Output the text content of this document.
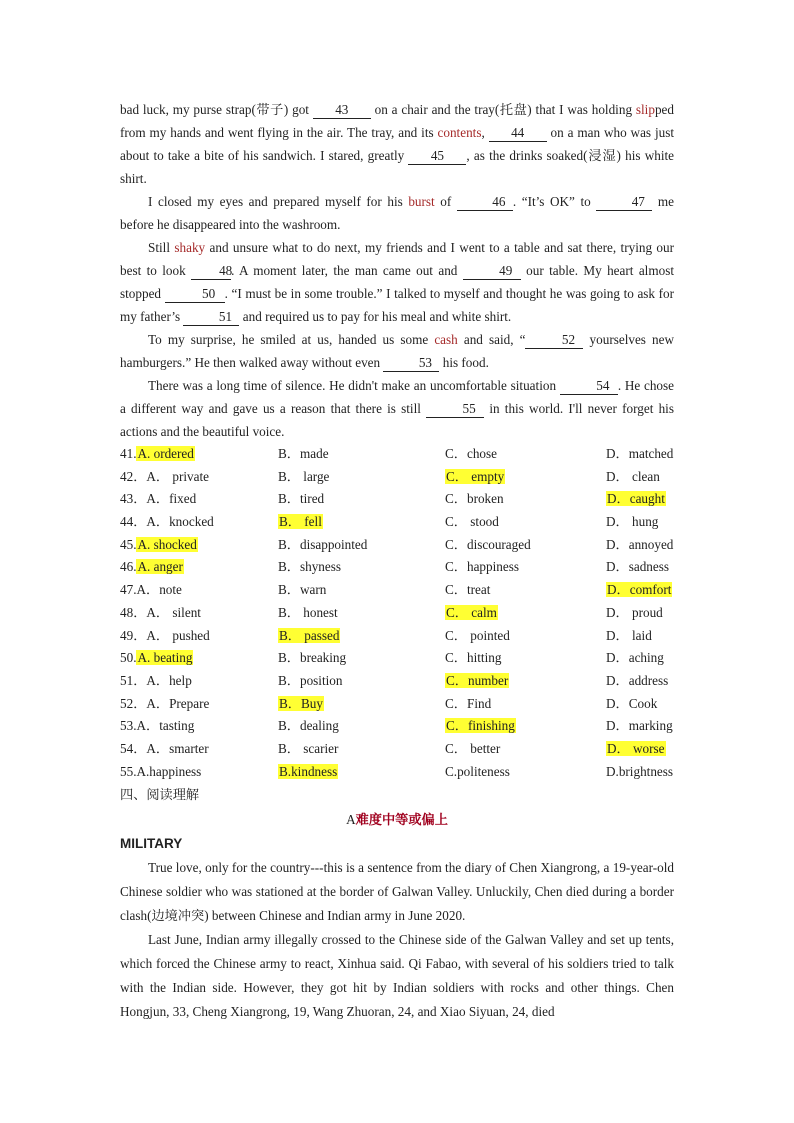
bad luck, my purse strap(带子) got 43 on a chair and the tray(托盘) that I was holding slipped from my hands and went flying in the air. The tray, and its contents, 44 on a man who was just about to take a bite of his sandwich. I stared, greatly 45 , as the drinks soaked(浸湿) his white shirt.

I closed my eyes and prepared myself for his burst of	46 . “It’s OK” to	47 me before he disappeared into the washroom.

Still shaky and unsure what to do next, my friends and I went to a table and sat there, trying our best to look 48. A moment later, the man came out and	49 our table. My heart almost stopped	50 . “I must be in some trouble.” I talked to myself and thought he was going to ask for my father’s	51 and required us to pay for his meal and white shirt.

To my surprise, he smiled at us, handed us some cash and said, “	52 yourselves new hamburgers.” He then walked away without even	53 his food.

There was a long time of silence. He didn't make an uncomfortable situation	54 . He chose a different way and gave us a reason that there is still	55 in this world. I'll never forget his actions and the beautiful voice.

41.A. ordered	B．made	C．chose	D．matched
42．A． private	B． large	C． empty	D． clean
43．A．fixed	B．tired	C．broken	D．caught
44．A．knocked	B． fell	C． stood	D． hung
45.A. shocked	B．disappointed	C．discouraged	D．annoyed
46.A. anger	B．shyness	C．happiness	D．sadness
47.A．note	B．warn	C．treat	D．comfort
48．A． silent	B． honest	C． calm	D． proud
49．A． pushed	B． passed	C． pointed	D． laid
50.A. beating	B．breaking	C．hitting	D．aching
51．A．help	B．position	C．number	D．address
52．A．Prepare	B．Buy	C．Find	D．Cook
53.A．tasting	B．dealing	C．finishing	D．marking
54．A．smarter	B． scarier	C． better	D． worse
55.A.happiness	B.kindness	C.politeness	D.brightness
四、阅读理解
A难度中等或偏上
MILITARY

True love, only for the country---this is a sentence from the diary of Chen Xiangrong, a 19-year-old Chinese soldier who was stationed at the border of Galwan Valley. Unluckily, Chen died during a border clash(边境冲突) between Chinese and Indian army in June 2020.

Last June, Indian army illegally crossed to the Chinese side of the Galwan Valley and set up tents, which forced the Chinese army to react, Xinhua said. Qi Fabao, with several of his soldiers tried to talk with the Indian side. However, they got hit by Indian soldiers with rocks and other things. Chen Hongjun, 33, Cheng Xiangrong, 19, Wang Zhuoran, 24, and Xiao Siyuan, 24, died
